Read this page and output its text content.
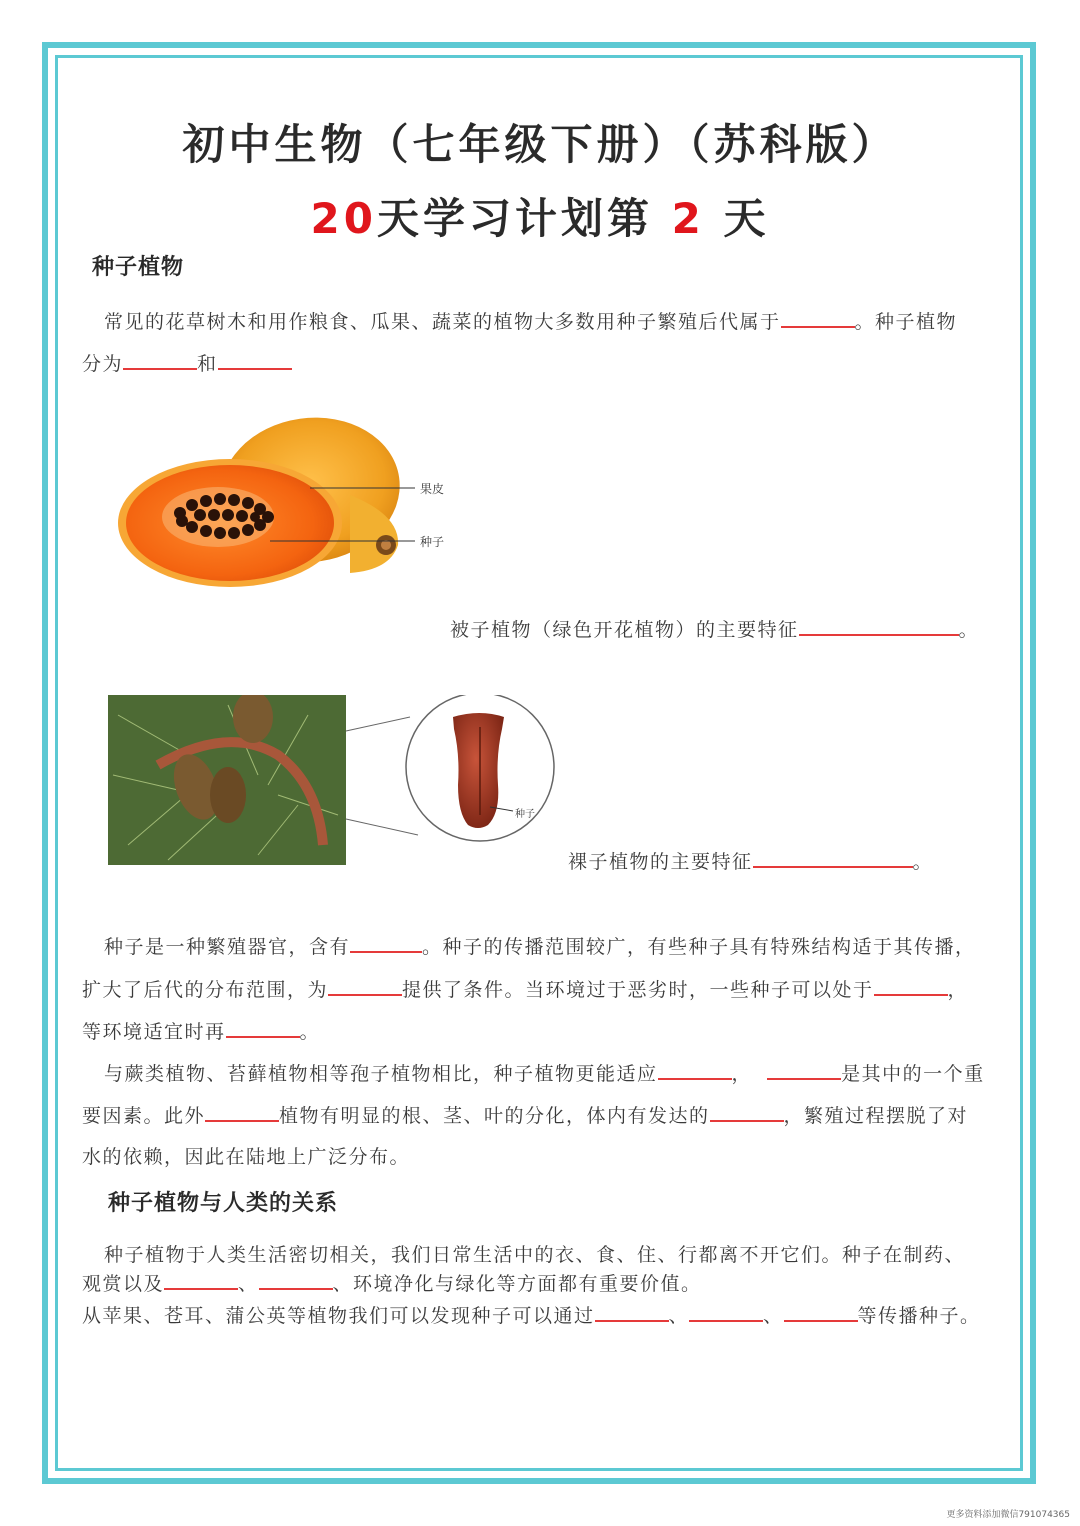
初中生物（七年级下册）（苏科版）
20天学习计划第 2 天
种子植物
常见的花草树木和用作粮食、瓜果、蔬菜的植物大多数用种子繁殖后代属于	。种子植物
分为	和
果皮
种子
被子植物（绿色开花植物）的主要特征	。
种子
裸子植物的主要特征	。
种子是一种繁殖器官，含有	。种子的传播范围较广，有些种子具有特殊结构适于其传播，
扩大了后代的分布范围，为	提供了条件。当环境过于恶劣时，一些种子可以处于	，
等环境适宜时再	。
与蕨类植物、苔藓植物相等孢子植物相比，种子植物更能适应	，	是其中的一个重
要因素。此外	植物有明显的根、茎、叶的分化，体内有发达的	，繁殖过程摆脱了对
水的依赖，因此在陆地上广泛分布。
种子植物与人类的关系
种子植物于人类生活密切相关，我们日常生活中的衣、食、住、行都离不开它们。种子在制药、
观赏以及	、	、环境净化与绿化等方面都有重要价值。
从苹果、苍耳、蒲公英等植物我们可以发现种子可以通过	、	、	等传播种子。
更多资料添加微信791074365
